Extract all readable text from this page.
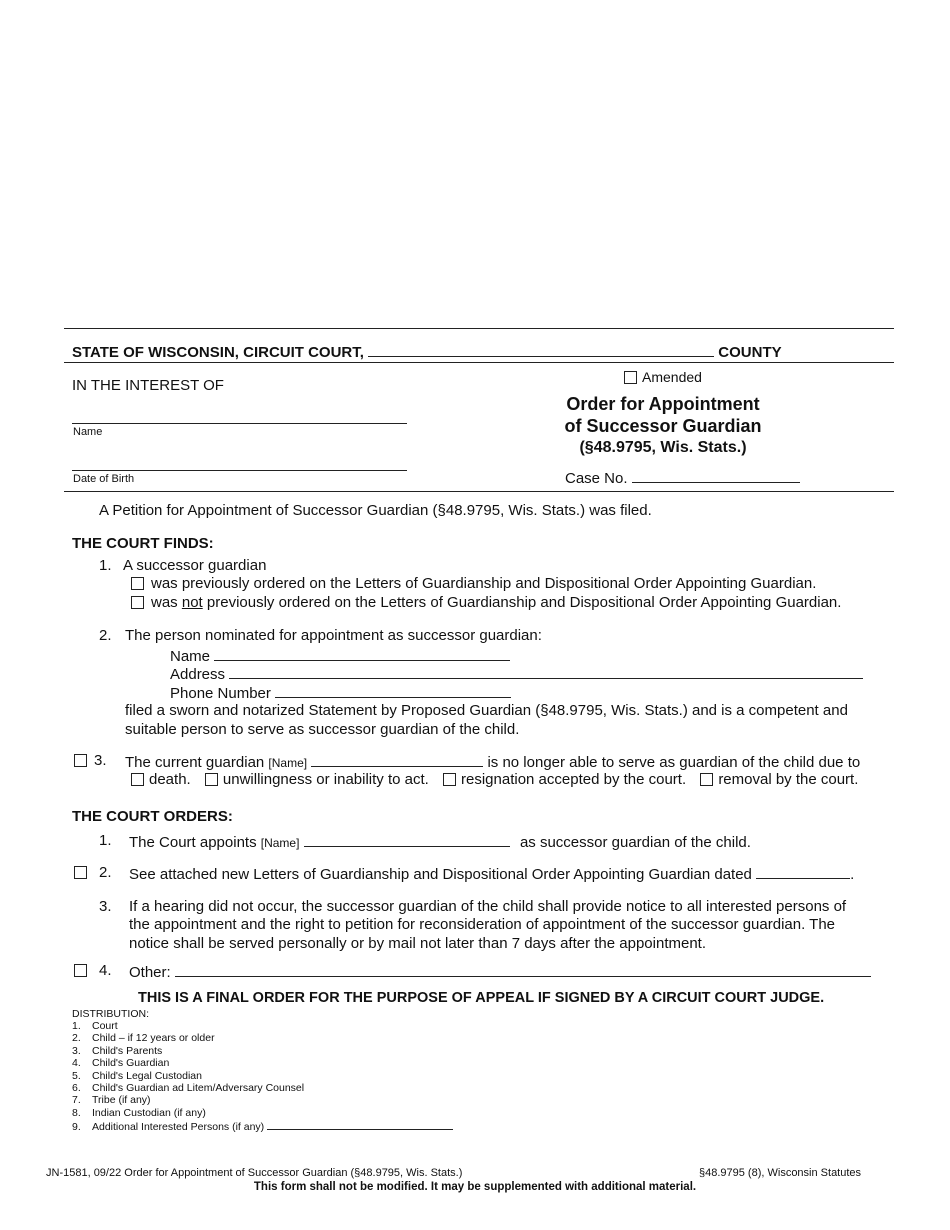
STATE OF WISCONSIN, CIRCUIT COURT,	COUNTY
IN THE INTEREST OF
Name
Date of Birth
Amended
Order for Appointment
of Successor Guardian
(§48.9795, Wis. Stats.)
Case No.
A Petition for Appointment of Successor Guardian (§48.9795, Wis. Stats.) was filed.
THE COURT FINDS:
1. A successor guardian
was previously ordered on the Letters of Guardianship and Dispositional Order Appointing Guardian.
was not previously ordered on the Letters of Guardianship and Dispositional Order Appointing Guardian.
2. The person nominated for appointment as successor guardian:
Name
Address
Phone Number
filed a sworn and notarized Statement by Proposed Guardian (§48.9795, Wis. Stats.) and is a competent and
suitable person to serve as successor guardian of the child.
3. The current guardian [Name]	is no longer able to serve as guardian of the child due to
death. unwillingness or inability to act. resignation accepted by the court. removal by the court.
THE COURT ORDERS:
1. The Court appoints [Name]	as successor guardian of the child.
2. See attached new Letters of Guardianship and Dispositional Order Appointing Guardian dated	.
3. If a hearing did not occur, the successor guardian of the child shall provide notice to all interested persons of
the appointment and the right to petition for reconsideration of appointment of the successor guardian. The
notice shall be served personally or by mail not later than 7 days after the appointment.
4. Other:
THIS IS A FINAL ORDER FOR THE PURPOSE OF APPEAL IF SIGNED BY A CIRCUIT COURT JUDGE.
DISTRIBUTION:
1. Court
2. Child – if 12 years or older
3. Child's Parents
4. Child's Guardian
5. Child's Legal Custodian
6. Child's Guardian ad Litem/Adversary Counsel
7. Tribe (if any)
8. Indian Custodian (if any)
9. Additional Interested Persons (if any)
JN-1581, 09/22 Order for Appointment of Successor Guardian (§48.9795, Wis. Stats.)	§48.9795 (8), Wisconsin Statutes
This form shall not be modified. It may be supplemented with additional material.
